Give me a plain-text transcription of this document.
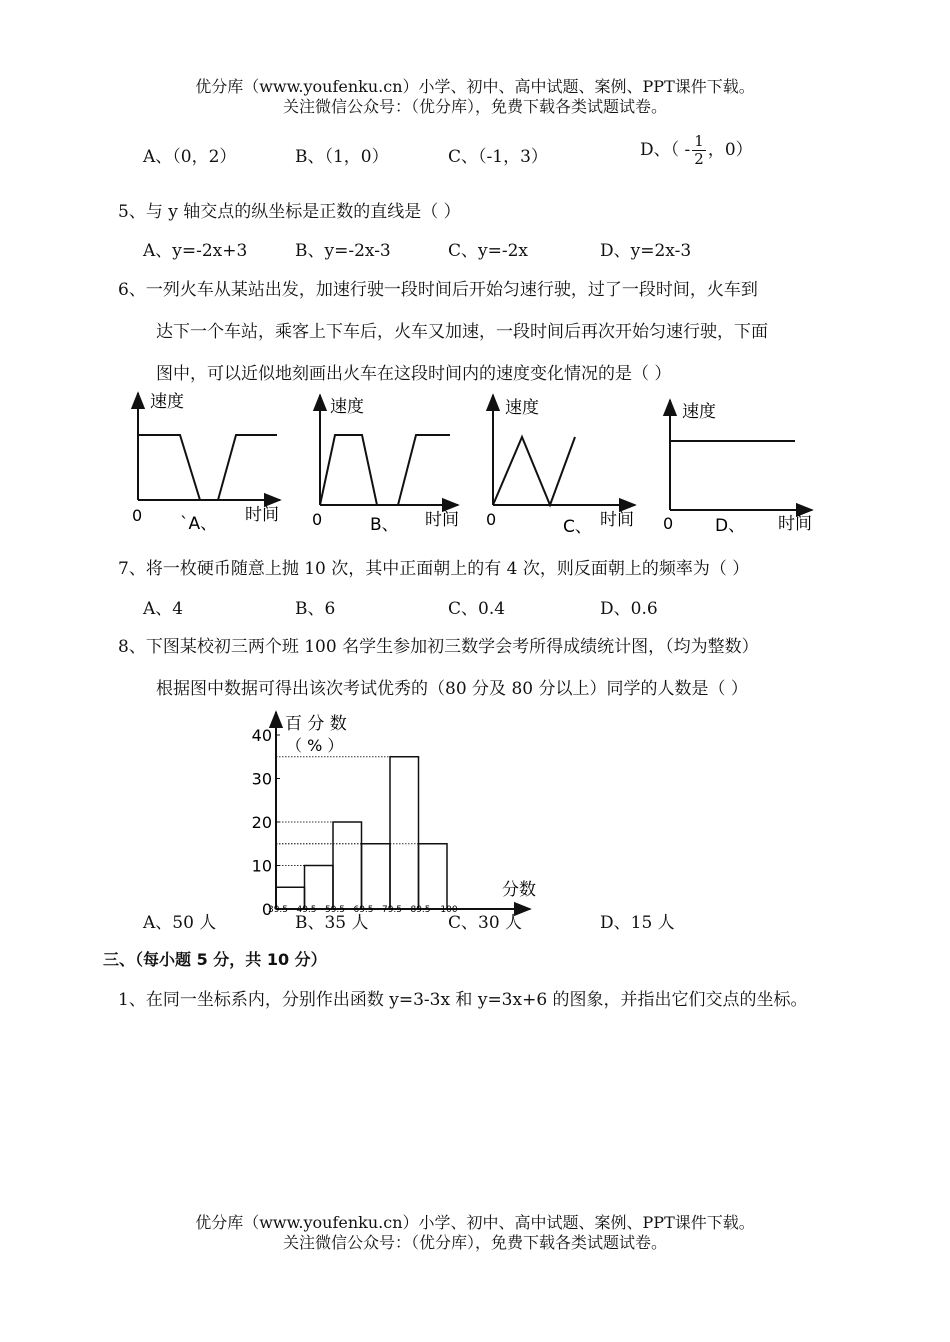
优分库（www.youfenku.cn）小学、初中、高中试题、案例、PPT课件下载。
关注微信公众号：（优分库），免费下载各类试题试卷。
A、（0，2）	B、（1，0）	C、（-1，3）	D、（ - $\frac{1}{2}$ ，0）
5、与 y 轴交点的纵坐标是正数的直线是（ ）
A、y=-2x+3	B、y=-2x-3	C、y=-2x	D、y=2x-3
6、一列火车从某站出发，加速行驶一段时间后开始匀速行驶，过了一段时间，火车到
达下一个车站，乘客上下车后，火车又加速，一段时间后再次开始匀速行驶，下面
图中，可以近似地刻画出火车在这段时间内的速度变化情况的是（ ）
速度
时间
0 `A、
速度
时间
0	B、
速度
时间
0	C、
速度
时间
0 D、
7、将一枚硬币随意上抛 10 次，其中正面朝上的有 4 次，则反面朝上的频率为（ ）
A、4	B、6	C、0.4	D、0.6
8、下图某校初三两个班 100 名学生参加初三数学会考所得成绩统计图，（均为整数）
根据图中数据可得出该次考试优秀的（80 分及 80 分以上）同学的人数是（ ）
0
10
20
30
40
39.5 49.5 59.5 69.5 79.5 89.5 100
百 分 数
（ % ）
分数
A、50 人	B、35 人	C、30 人	D、15 人
三、（每小题 5 分，共 10 分）
1、在同一坐标系内，分别作出函数 y=3-3x 和 y=3x+6 的图象，并指出它们交点的坐标。
优分库（www.youfenku.cn）小学、初中、高中试题、案例、PPT课件下载。
关注微信公众号：（优分库），免费下载各类试题试卷。
